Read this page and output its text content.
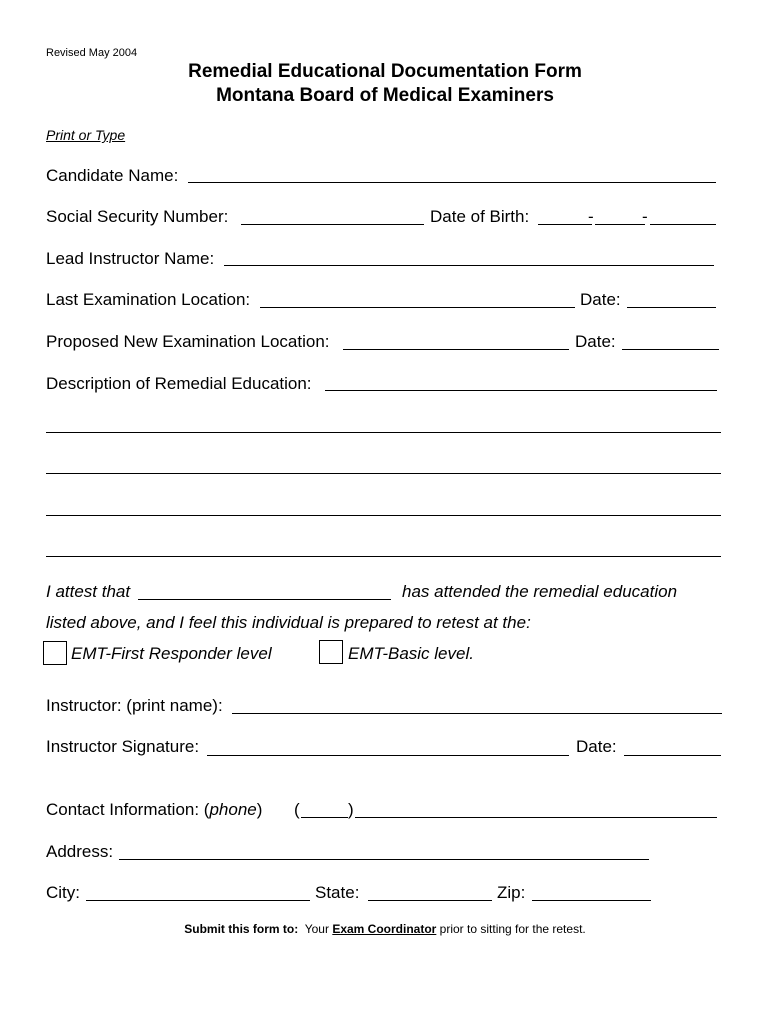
Revised May 2004
Remedial Educational Documentation Form
Montana Board of Medical Examiners
Print or Type
Candidate Name:
Social Security Number:	Date of Birth:	-	-
Lead Instructor Name:
Last Examination Location:	Date:
Proposed New Examination Location:	Date:
Description of Remedial Education:
I attest that	has attended the remedial education
listed above, and I feel this individual is prepared to retest at the:
EMT-First Responder level	EMT-Basic level.
Instructor: (print name):
Instructor Signature:	Date:
Contact Information: (phone) (	)
Address:
City:	State:	Zip:
Submit this form to: Your Exam Coordinator prior to sitting for the retest.
